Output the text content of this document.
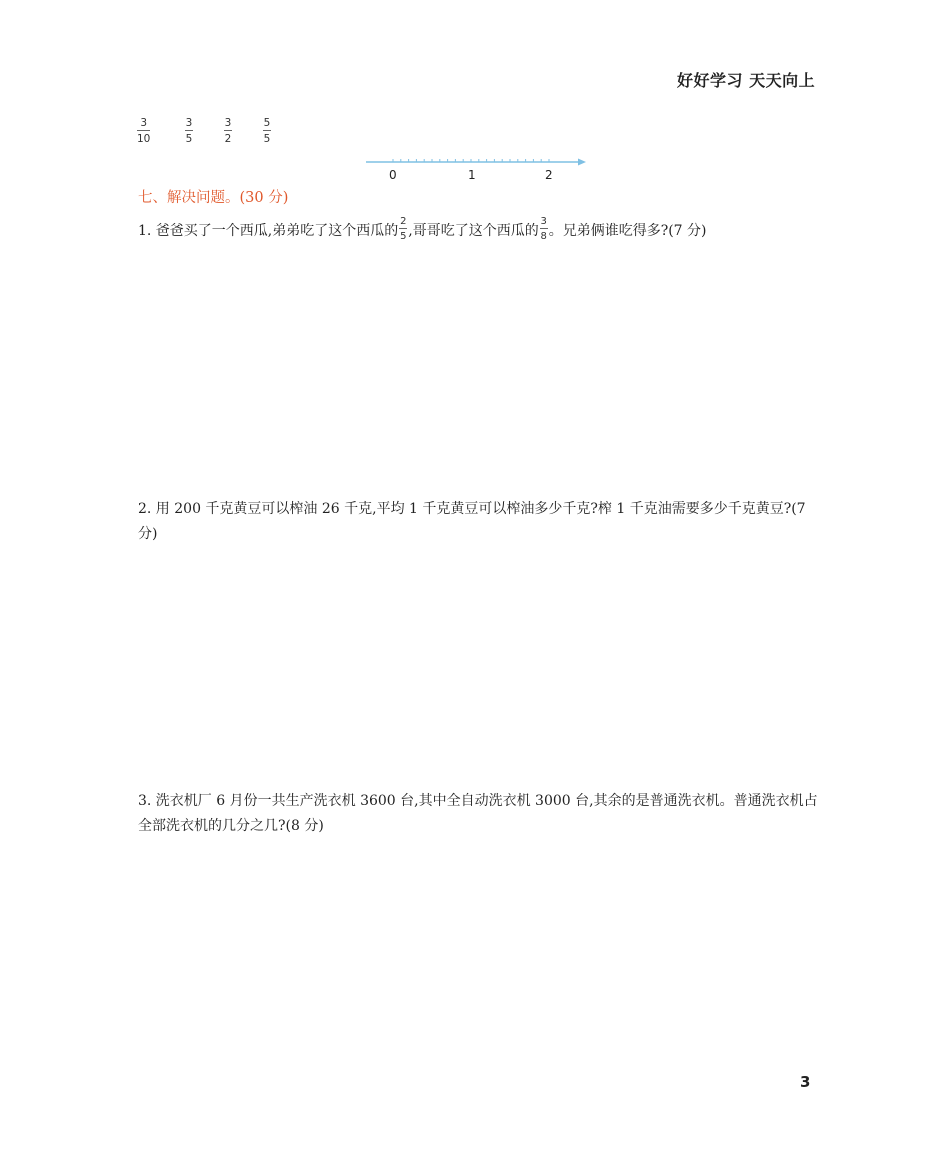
好好学习 天天向上
3
10
3
5
3
2
5
5
0	1	2
七、解决问题。(30 分)
1. 爸爸买了一个西瓜,弟弟吃了这个西瓜的 $\frac{2}{5}$ ,哥哥吃了这个西瓜的 $\frac{3}{8}$ 。兄弟俩谁吃得多?(7 分)
2. 用 200 千克黄豆可以榨油 26 千克,平均 1 千克黄豆可以榨油多少千克?榨 1 千克油需要多少千克黄豆?(7 分)
3. 洗衣机厂 6 月份一共生产洗衣机 3600 台,其中全自动洗衣机 3000 台,其余的是普通洗衣机。普通洗衣机占全部洗衣机的几分之几?(8 分)
3
